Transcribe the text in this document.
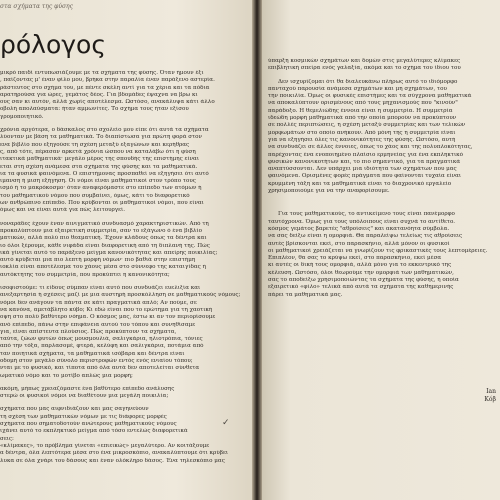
στα σχήματα της φύσης
ρόλογος
μικρό παιδί εντυπωσιάζουμε με τα σχήματα της φύσης. Όταν ήμουν έξι
, παίζοντας μ' έναν φίλο μου, βρήκα στην παραλία έναν παράξενο αστερία.
ράστευτος στο σχήμα του, με πέντε σκέλη αντί για τα χέρια και τα πόδια
αρατηρούσα για ώρες, γεμάτος δέος. Για βδομάδες έψαχνα να βρω κι
ους σαν κι αυτόν, αλλά χωρίς αποτέλεσμα. Ωστόσο, ανακάλυψα κάτι άλλο
οβολή απολαύσματα: ήταν αμμωνίτες. Το σχήμα τους ήταν εξίσου
γρομοποιητικό.
χρόνια αργότερα, ο δάσκαλος στο σχολείο μου είπε ότι αυτά τα σχήματα
λύονταν με βάση τα μαθηματικά. Το διαπίστωσα για πρώτη φορά στον
ενα βιβλίο που εξηγούσε τη σχέση μεταξύ εξαγώνων και κερήθρας
ς, από τότε, πέρασαν αρκετά χρόνια ώσπου να καταλάβω ότι η φύση
ιτακτικά μαθηματικά· μεγάλο μέρος της σπουδής της επιστήμης είναι
εται στη σχέση ανάμεσα στα σχήματα της φύσης και τα μαθηματικά.
ια τα φυσικά φαινόμενα. Ο επιστήμονας προσπαθεί να εξηγήσει ότι αυτό
ιμανση ή μιση εξήγηση. Οι νόμοι είναι μαθηματικοί στον τρόπο τους
ισμό ή το μακρόκοσμο· όταν αναφερόμαστε στο επίπεδο των ατόμων ή
του μαθηματικού νόμου που συμβαίνει, όμως, κάτι το διαφορετικό
ων ανθρώπινο επίπεδο. Που κρύβονται οι μαθηματικοί νόμοι, που είναι
όμως και να είναι αυτά για πώς λειτουργεί.
νοναράδες έχουν έναν αινιγματικό συνδυασμό χαρακτηριστικών. Από τη
προκαλύπτουν μια εξαιρετική συμμετρία, σαν το εξάγωνο ό ένα βιβλίο
ματικών, αλλά πολύ πιο θεαματική. Έχουν κλάδους όπως τα δέντρα και
ιο όλοι ξέρουμε, κάθε νιφάδα είναι διαφορετική από τη διπλανή της. Πώς
ικά γίνεται αυτό το παράξενο μείγμα κανονικότητας και απείρης ποικιλίας;
αυτό κρύβεται μια πιο λεπτή μορφή νόμων· πιο βαθιά στην επιστήμη
ιοκλία είναι αποτέλεσμα του χάους μέσα στο σύννεφο της καταιγίδας ή
αυτόκτητης του συμμετρία, που προκύπτει η κανονικότητα;
ισοφιστούμε: τι είδους σύμπαν είναι αυτό που συνδυάζει ευελιξία και
ανεξαρτησία ή σχέσεις μαζί με μια αυστηρή προσκόλληση σε μαθηματικούς νόμους;
νόμοι δεν ανάγουν τα πάντα σε κάτι πραγματικά απλό; Αν πούμε, σε
να κανόνα, αμετάβλητο κύβο; Κι εδώ είναι που το ερώτημα για τη χαοτική
οψη στο πολύ βαθύτερο νόημα. Ο κόσμος μας, έστω κι αν τον περιορίσουμε
ανό επίπεδο, πάνω στην επιφάνεια αυτού του τόπου και συνηθίσαμε
για, είναι απίστευτα πλούσιος. Πώς προκύπτουν τα σχήματα,
ταύτα, ζώων φυτών όπως μουσμουλιά, σαλιγκάρια, ηλιοτρόπια, τόνιες
από την τόξα, παρλασομέ, φτερά, κελύφη και σαλιγκάρια, ποτάμια από
ταν ποιητικά σχήματα, τα μαθηματικά ισόβαρα και δέντρα είναι
οδομή στον μεγάλο σύνολο περιστροφών εντός ενός ενιαίου τόπου;
νται με το φυσικό, και τίποτα από όλα αυτά δεν αποτελείται σύνθετα
ωματικό νόμο και το μοτίβο απλώς μια μορφή;
ακόμη, μήπως χρειαζόμαστε ένα βαθύτερο επίπεδο ανάλυσης
στερώ οι φυσικοί νόμοι να διαθέτουν μια μεγάλη ποικιλία;
σχήματα που μας αιφνιδιάζουν και μας σαγηνεύουν
τη σχέση των μαθηματικών νόμων με τις διάφορες μορφές
σχήματα που σηματοδοτούν ανώτερους μαθηματικούς νόμους
ιχάνει αυτό το εκπληκτικό μείγμα από τόσο εντελώς διαφορετικά
σεις:
«κλίμακες», το πρόβλημα γίνεται «επιεικώς» μεγαλύτερο. Αν κοιτάξουμε
α δέντρα, όλα λεπτότερα μέσα στο ένα μικροσκόπιο, ανακαλύπτουμε ότι κρύβει
λυκα σε όλα χνάρι του δάσους και έναν ολόκληρο δάσος. Ένα τηλεσκόπιο μας
✓
ύπαρξη κοσμικών σχημάτων και δομών στις μεγαλύτερες κλίμακες
επιβλητική σπείρα ενός γαλαξία, ακόμα και το σχήμα του ίδιου του
Δεν ισχυρίζομαι ότι θα διαλευκάνω πλήρως αυτό το ιδιόμορφο
πανταχού παρουσία ανάμεσα σχημάτων και μη σχημάτων, του
την ποικιλία. Όμως οι φυσικές επιστήμες και τα σύγχρονα μαθηματικά
να αποκαλύπτουν ορισμένους από τους μηχανισμούς που "κινούν"
παράδοξο. Η θεμελιώδης έννοια είναι η συμμετρία. Η συμμετρία
ιδεώδη μορφή μαθηματικά από την οποία μπορούν να προκύπτουν
σε πολλές περιπτώσεις, η σχέση μεταξύ συμμετρίας και των τελικών
μορφωμάτων στο οποίο ανήκουν. Από μόνη της η συμμετρία είναι
για να εξηγήσει όλες τις κανονικότητες της φύσης. Ωστόσο, αυτή
να συνδυάζει σε άλλες έννοιες, όπως το χάος και της πολυπλοκότητας,
παρέχοντας ένα ενοποιημένο πλαίσιο ερμηνείας για ένα εκπληκτικό
φυσικών κανονικοτήτων και, το πιο σημαντικό, για τα πραγματικά
αναπτύσσονται. Δεν υπάρχει μια ιδιότητα των σχημάτων που μας
φαινόμενα. Ορισμένες φορές πράγματα που φαίνονται τυχαία είναι
κρυμμένη τάξη και τα μαθηματικά είναι το διαχρονικό εργαλείο
χρησιμοποιούμε για να την αναφορίσουμε.
Για τους μαθηματικούς, το αντικείμενο τους είναι πανέμορφο
ταυτόχρονα. Όμως για τους υπόλοιπους είναι συχνά το αντίθετο.
κόσμος γεμάτος βαρετές "αθροίσεις" και ακατανόητα σύμβολα.
να σας δείξω είναι η ομορφιά. Θα παραλείψω τελείως τις αθροίσεις
αυτές βρίσκονται εκεί, στο παρασκήνιο, αλλά μόνον οι φυσικοί
οι μαθηματικοί χρειάζεται να γνωρίζουν τις φρικαστικές τους λεπτομέρειες.
Επιπλέον, θα σας το κρύψω εκεί, στο παρασκήνιο, εκεί μέσα
κι αυτές οι δική τους ομορφιά, αλλά μόνο για το εκκεντρικό της
κέλευση. Ωστόσο, όλοι θεωρούμε την ομορφιά των μαθηματικών,
σας το αποδείξω χρησιμοποιώντας τα σχήματα της φύσης, η οποία
εξαιρετικό «φίλο» τελικά από αυτά τα σχήματα της καθημερινής
πάρει τα μαθηματικά μας.
Ian
Κόβ
